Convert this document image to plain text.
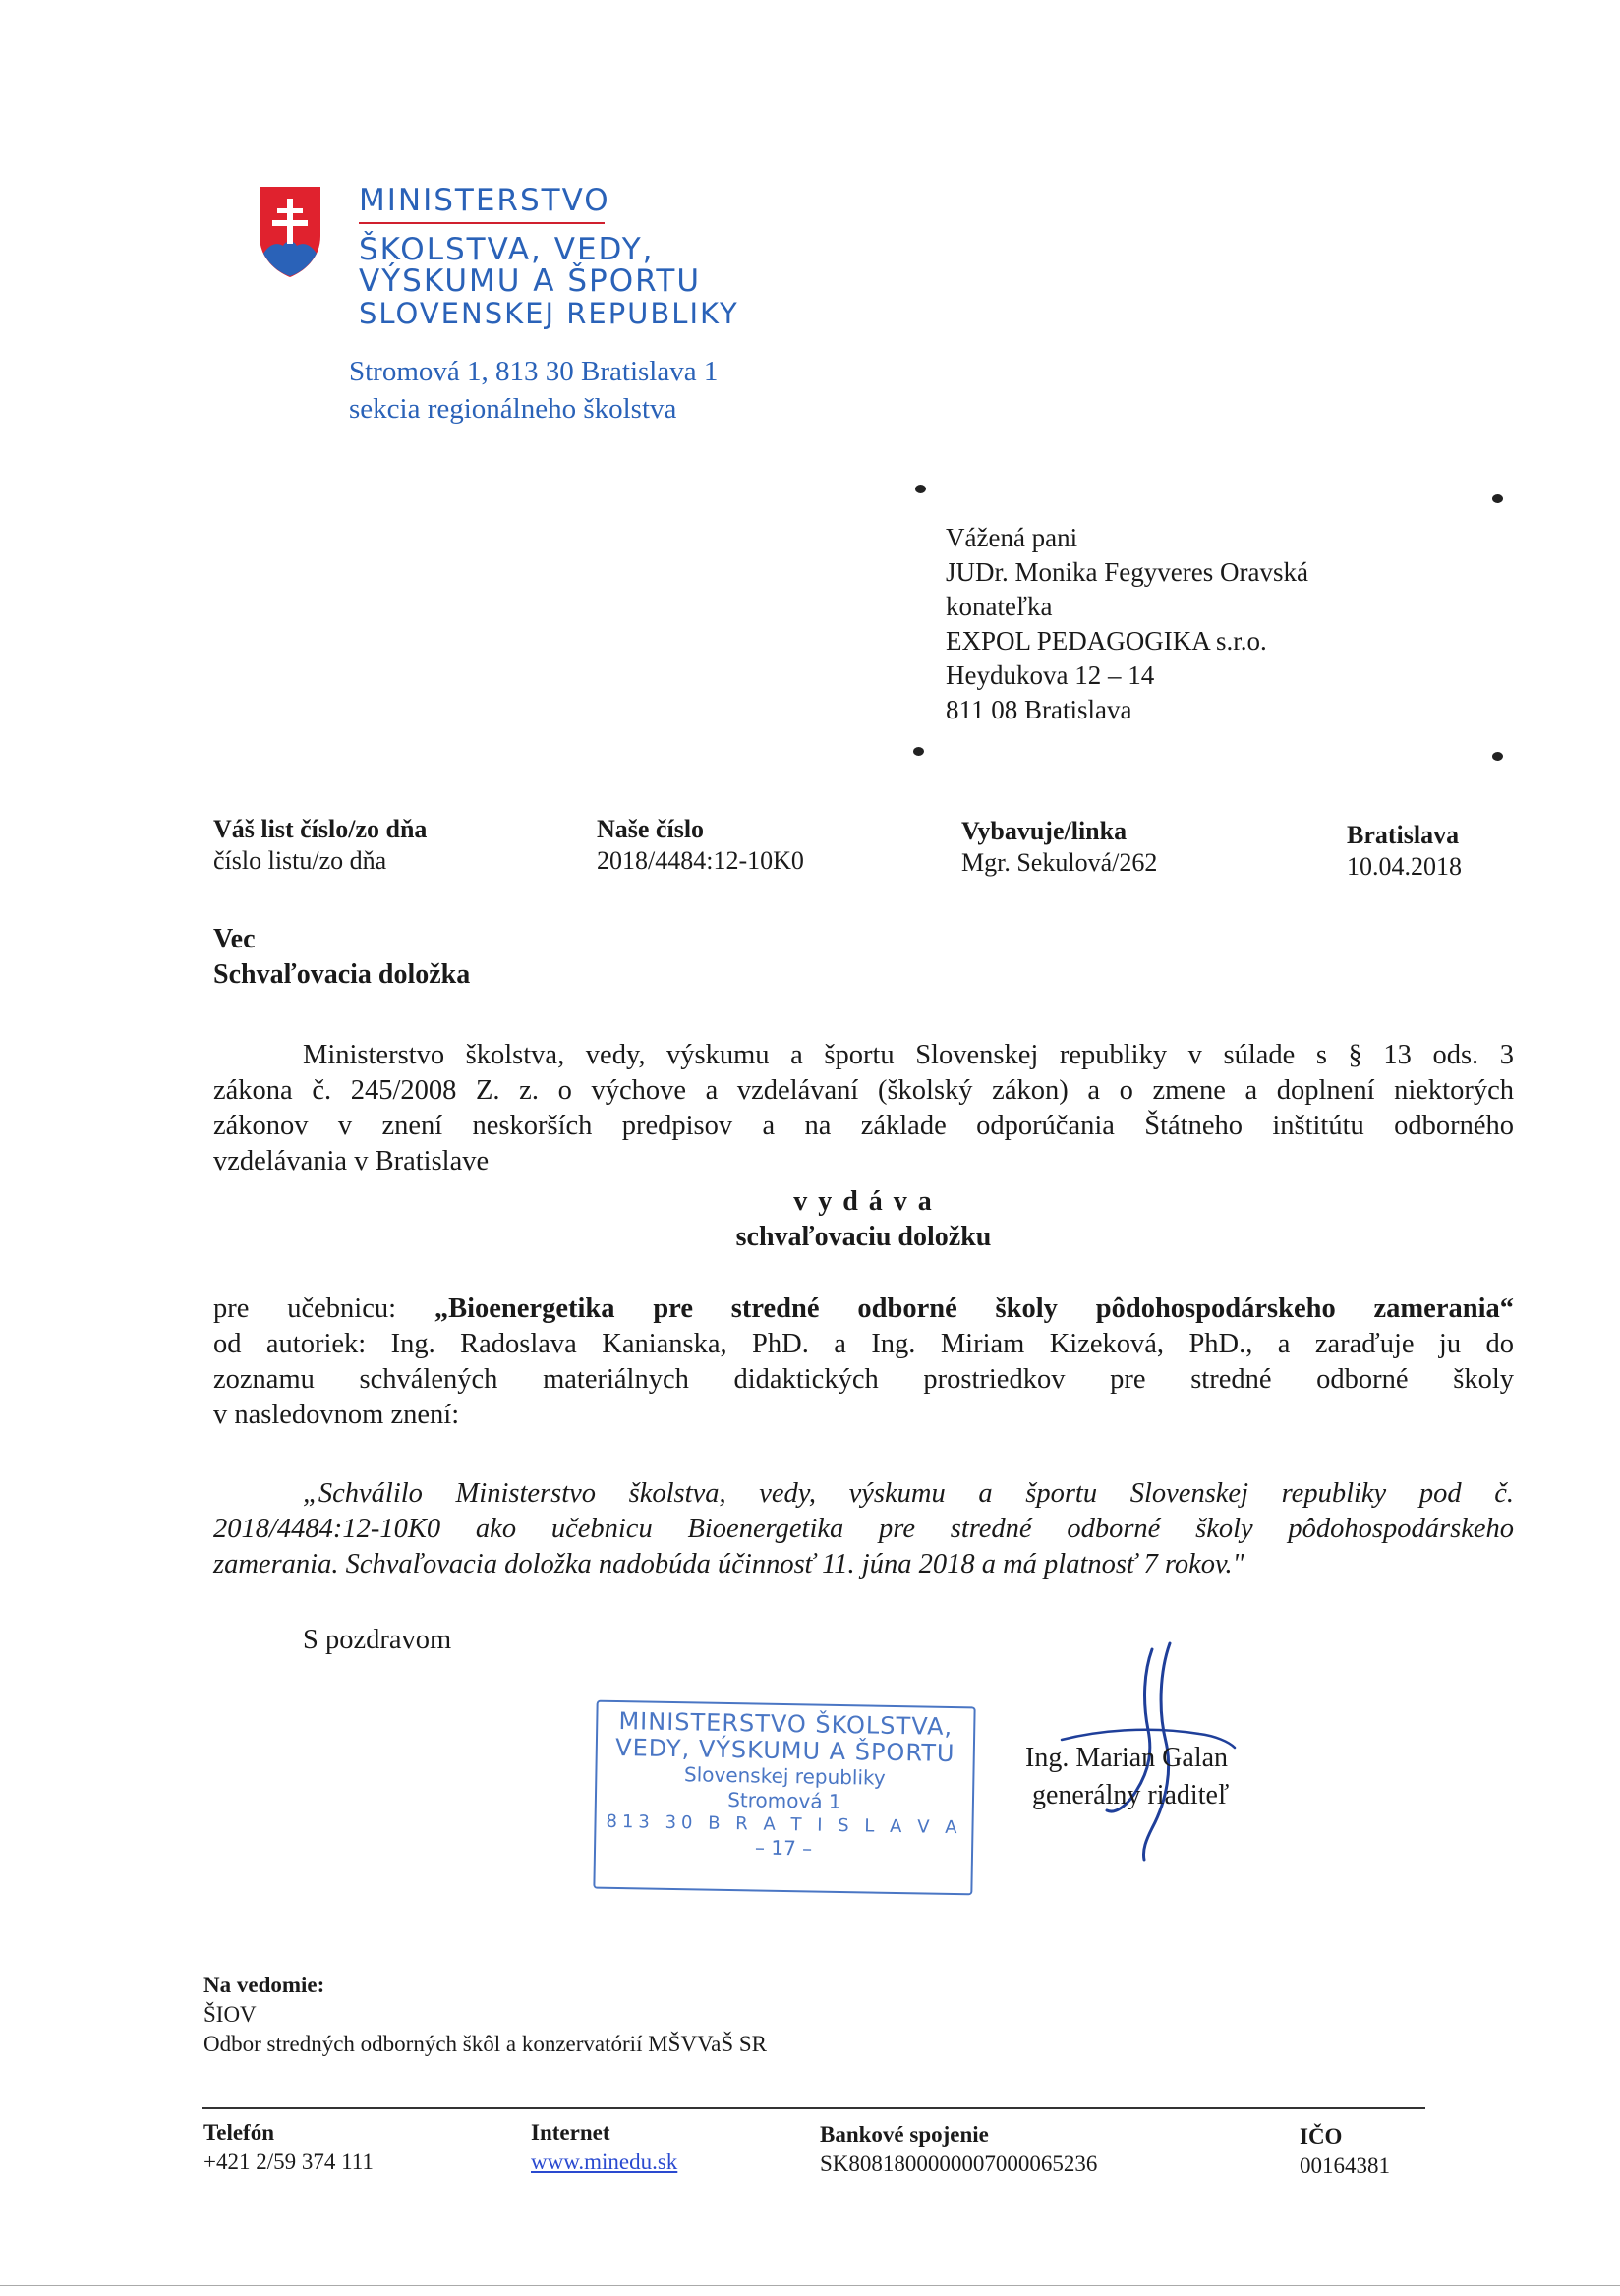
MINISTERSTVO
ŠKOLSTVA, VEDY,
VÝSKUMU A ŠPORTU
SLOVENSKEJ REPUBLIKY
Stromová 1, 813 30 Bratislava 1
sekcia regionálneho školstva
Vážená pani
JUDr. Monika Fegyveres Oravská
konateľka
EXPOL PEDAGOGIKA s.r.o.
Heydukova 12 – 14
811 08 Bratislava
Váš list číslo/zo dňa
číslo listu/zo dňa
Naše číslo
2018/4484:12-10K0
Vybavuje/linka
Mgr. Sekulová/262
Bratislava
10.04.2018
Vec
Schvaľovacia doložka
Ministerstvo školstva, vedy, výskumu a športu Slovenskej republiky v súlade s § 13 ods. 3
zákona č. 245/2008 Z. z. o výchove a vzdelávaní (školský zákon) a o zmene a doplnení niektorých
zákonov v znení neskorších predpisov a na základe odporúčania Štátneho inštitútu odborného
vzdelávania v Bratislave
v y d á v a
schvaľovaciu doložku
pre učebnicu: „Bioenergetika pre stredné odborné školy pôdohospodárskeho zamerania“
od autoriek: Ing. Radoslava Kanianska, PhD. a Ing. Miriam Kizeková, PhD., a zaraďuje ju do
zoznamu schválených materiálnych didaktických prostriedkov pre stredné odborné školy
v nasledovnom znení:
„Schválilo Ministerstvo školstva, vedy, výskumu a športu Slovenskej republiky pod č.
2018/4484:12-10K0 ako učebnicu Bioenergetika pre stredné odborné školy pôdohospodárskeho
zamerania. Schvaľovacia doložka nadobúda účinnosť 11. júna 2018 a má platnosť 7 rokov."
S pozdravom
MINISTERSTVO ŠKOLSTVA,
VEDY, VÝSKUMU A ŠPORTU
Slovenskej republiky
Stromová 1
813 30 B R A T I S L A V A
– 17 –
Ing. Marian Galan
generálny riaditeľ
Na vedomie:
ŠIOV
Odbor stredných odborných škôl a konzervatórií MŠVVaŠ SR
Telefón
+421 2/59 374 111
Internet
www.minedu.sk
Bankové spojenie
SK8081800000007000065236
IČO
00164381
